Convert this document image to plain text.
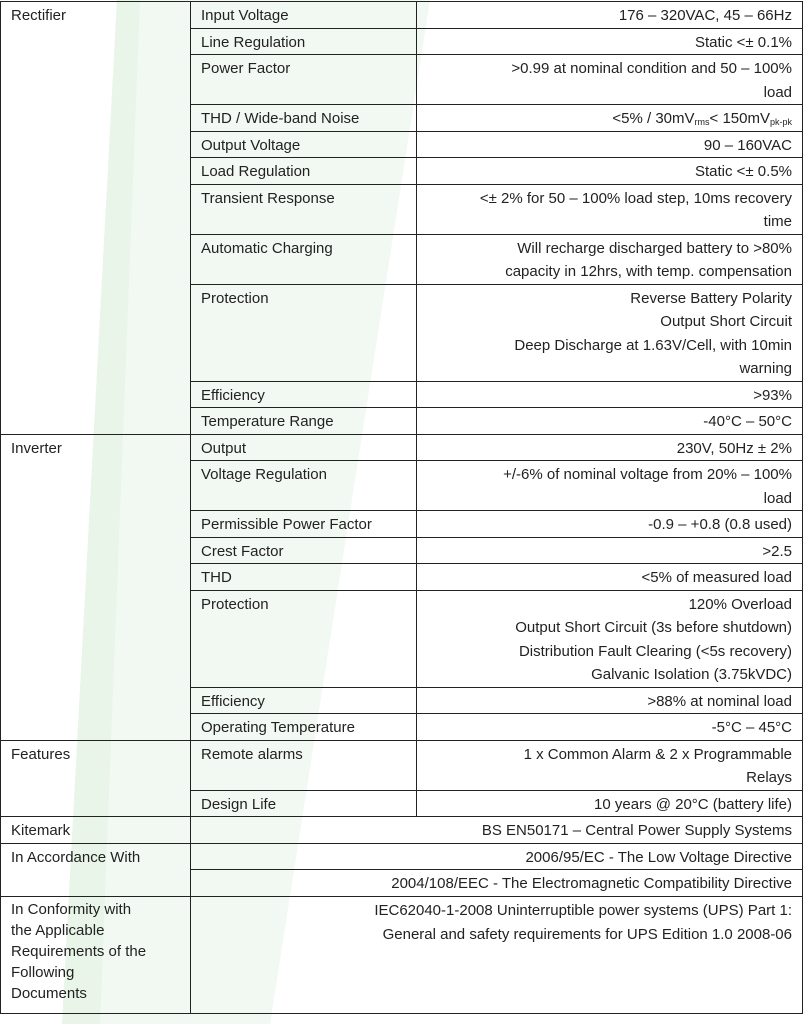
Rectifier	Input Voltage	176 – 320VAC, 45 – 66Hz

	Line Regulation	Static <± 0.1%

	Power Factor	>0.99 at nominal condition and 50 – 100%
load

	THD / Wide-band Noise	$<5\% / 30mV_{rms}< 150mV_{pk-pk}$

	Output Voltage	90 – 160VAC

	Load Regulation	Static <± 0.5%

	Transient Response	<± 2% for 50 – 100% load step, 10ms recovery
time

	Automatic Charging	Will recharge discharged battery to >80%
capacity in 12hrs, with temp. compensation

	Protection	Reverse Battery Polarity
Output Short Circuit
Deep Discharge at 1.63V/Cell, with 10min
warning

	Efficiency	>93%

	Temperature Range	-40°C – 50°C

Inverter	Output	230V, 50Hz ± 2%

	Voltage Regulation	+/-6% of nominal voltage from 20% – 100%
load

	Permissible Power Factor	-0.9 – +0.8 (0.8 used)

	Crest Factor	>2.5

	THD	<5% of measured load

	Protection	120% Overload
Output Short Circuit (3s before shutdown)
Distribution Fault Clearing (<5s recovery)
Galvanic Isolation (3.75kVDC)

	Efficiency	>88% at nominal load

	Operating Temperature	-5°C – 45°C

Features	Remote alarms	1 x Common Alarm & 2 x Programmable
Relays

	Design Life	10 years @ 20°C (battery life)

Kitemark	BS EN50171 – Central Power Supply Systems	

In Accordance With	2006/95/EC - The Low Voltage Directive	

	2004/108/EEC - The Electromagnetic Compatibility Directive	

In Conformity with
the Applicable
Requirements of the
Following
Documents	IEC62040-1-2008 Uninterruptible power systems (UPS) Part 1:
General and safety requirements for UPS Edition 1.0 2008-06	
